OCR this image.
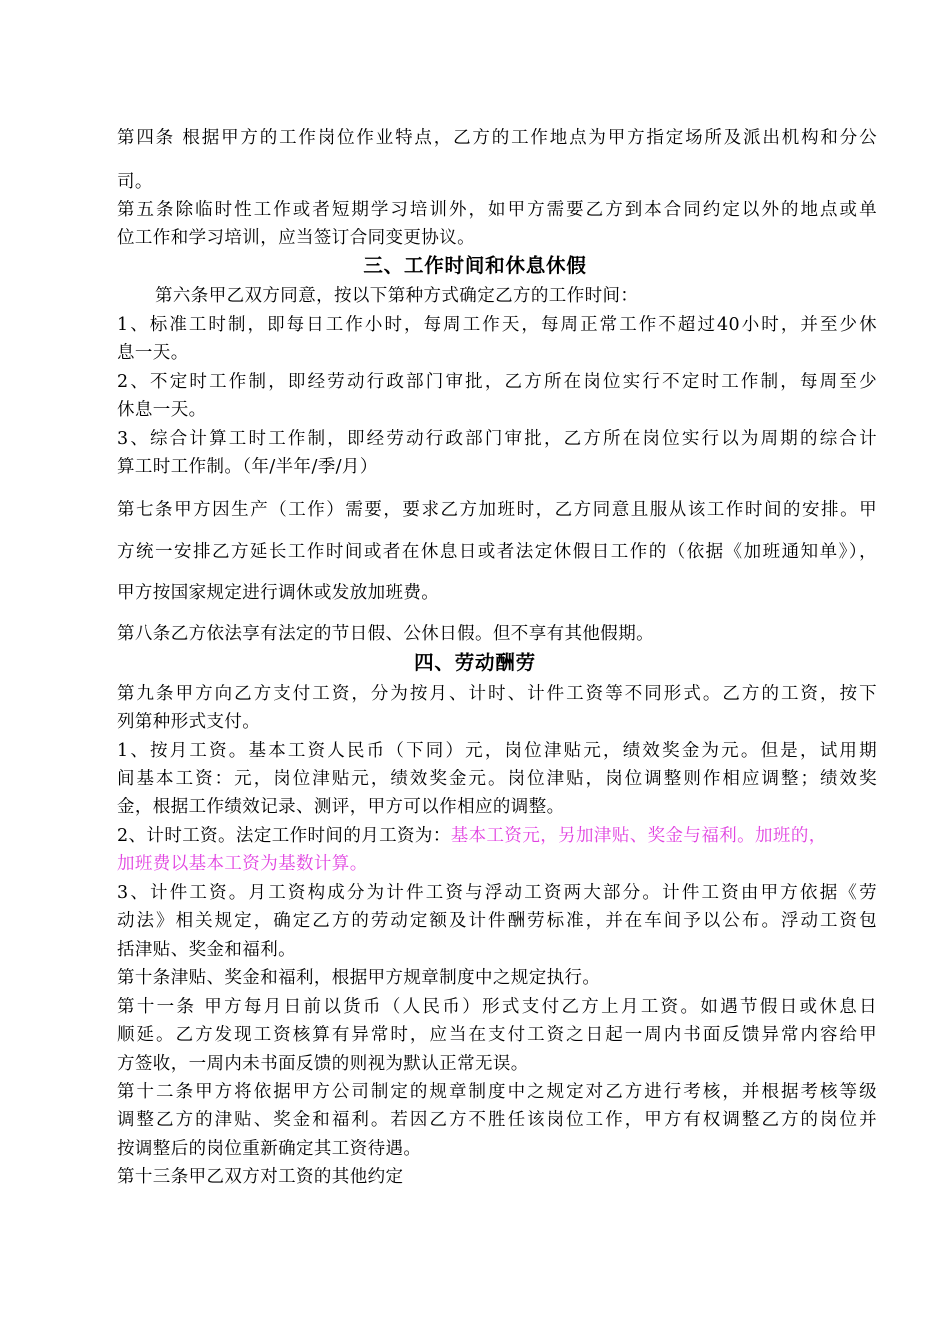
第四条 根据甲方的工作岗位作业特点，乙方的工作地点为甲方指定场所及派出机构和分公
司。
第五条除临时性工作或者短期学习培训外，如甲方需要乙方到本合同约定以外的地点或单
位工作和学习培训，应当签订合同变更协议。
三、工作时间和休息休假
第六条甲乙双方同意，按以下第种方式确定乙方的工作时间：
1、标准工时制，即每日工作小时，每周工作天，每周正常工作不超过40小时，并至少休
息一天。
2、不定时工作制，即经劳动行政部门审批，乙方所在岗位实行不定时工作制，每周至少
休息一天。
3、综合计算工时工作制，即经劳动行政部门审批，乙方所在岗位实行以为周期的综合计
算工时工作制。（年/半年/季/月）
第七条甲方因生产（工作）需要，要求乙方加班时，乙方同意且服从该工作时间的安排。甲
方统一安排乙方延长工作时间或者在休息日或者法定休假日工作的（依据《加班通知单》），
甲方按国家规定进行调休或发放加班费。
第八条乙方依法享有法定的节日假、公休日假。但不享有其他假期。
四、劳动酬劳
第九条甲方向乙方支付工资，分为按月、计时、计件工资等不同形式。乙方的工资，按下
列第种形式支付。
1、按月工资。基本工资人民币（下同）元，岗位津贴元，绩效奖金为元。但是，试用期
间基本工资：元，岗位津贴元，绩效奖金元。岗位津贴，岗位调整则作相应调整；绩效奖
金，根据工作绩效记录、测评，甲方可以作相应的调整。
2、计时工资。法定工作时间的月工资为：基本工资元，另加津贴、奖金与福利。加班的，
加班费以基本工资为基数计算。
3、计件工资。月工资构成分为计件工资与浮动工资两大部分。计件工资由甲方依据《劳
动法》相关规定，确定乙方的劳动定额及计件酬劳标准，并在车间予以公布。浮动工资包
括津贴、奖金和福利。
第十条津贴、奖金和福利，根据甲方规章制度中之规定执行。
第十一条 甲方每月日前以货币（人民币）形式支付乙方上月工资。如遇节假日或休息日
顺延。乙方发现工资核算有异常时，应当在支付工资之日起一周内书面反馈异常内容给甲
方签收，一周内未书面反馈的则视为默认正常无误。
第十二条甲方将依据甲方公司制定的规章制度中之规定对乙方进行考核，并根据考核等级
调整乙方的津贴、奖金和福利。若因乙方不胜任该岗位工作，甲方有权调整乙方的岗位并
按调整后的岗位重新确定其工资待遇。
第十三条甲乙双方对工资的其他约定
